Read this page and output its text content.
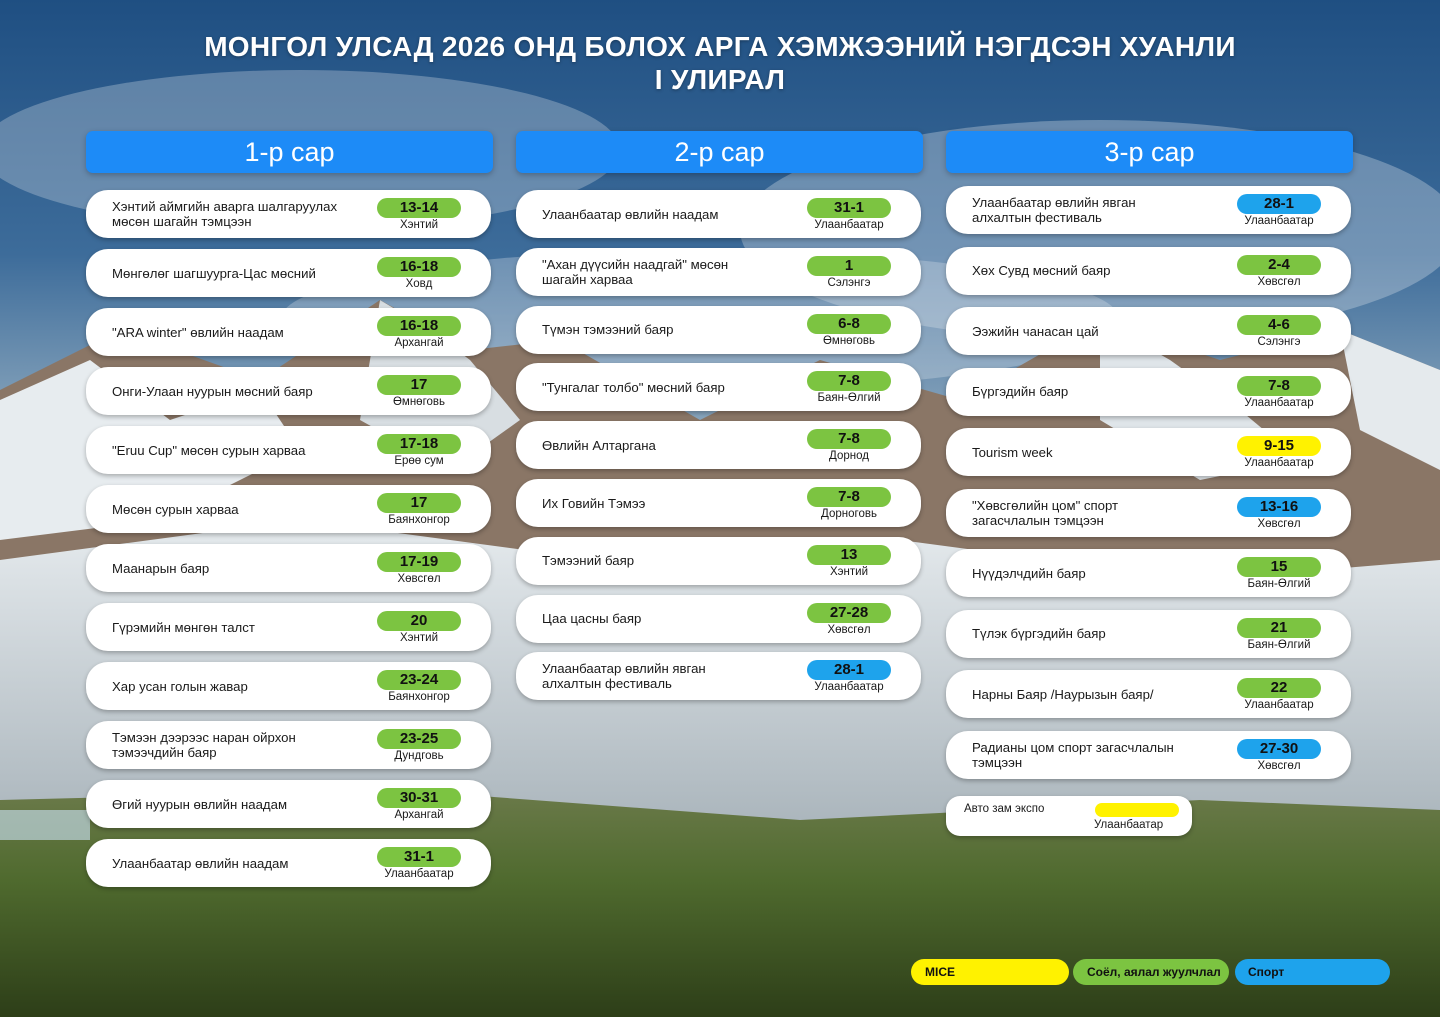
МОНГОЛ УЛСАД 2026 ОНД БОЛОХ АРГА ХЭМЖЭЭНИЙ НЭГДСЭН ХУАНЛИ
I УЛИРАЛ
1-р сар
Хэнтий аймгийн аварга шалгаруулах
мөсөн шагайн тэмцээн
13-14
Хэнтий
Мөнгөлөг шагшуурга-Цас мөсний	16-18
Ховд
"ARA winter" өвлийн наадам	16-18
Архангай
Онги-Улаан нуурын мөсний баяр	17
Өмнөговь
"Eruu Cup" мөсөн сурын харваа	17-18
Ерөө сум
Мөсөн сурын харваа	17
Баянхонгор
Маанарын баяр	17-19
Хөвсгөл
Гүрэмийн мөнгөн талст	20
Хэнтий
Хар усан голын жавар	23-24
Баянхонгор
Тэмээн дээрээс наран ойрхон
тэмээчдийн баяр
23-25
Дундговь
Өгий нуурын өвлийн наадам	30-31
Архангай
Улаанбаатар өвлийн наадам	31-1
Улаанбаатар
2-р сар
Улаанбаатар өвлийн наадам	31-1
Улаанбаатар
"Ахан дүүсийн наадгай" мөсөн
шагайн харваа
1
Сэлэнгэ
Түмэн тэмээний баяр	6-8
Өмнөговь
"Тунгалаг толбо" мөсний баяр	7-8
Баян-Өлгий
Өвлийн Алтаргана	7-8
Дорнод
Их Говийн Тэмээ	7-8
Дорноговь
Тэмээний баяр	13
Хэнтий
Цаа цасны баяр	27-28
Хөвсгөл
Улаанбаатар өвлийн явган
алхалтын фестиваль
28-1
Улаанбаатар
3-р сар
Улаанбаатар өвлийн явган
алхалтын фестиваль
28-1
Улаанбаатар
Хөх Сувд мөсний баяр	2-4
Хөвсгөл
Ээжийн чанасан цай	4-6
Сэлэнгэ
Бүргэдийн баяр	7-8
Улаанбаатар
Tourism week	9-15
Улаанбаатар
"Хөвсгөлийн цом" спорт
загасчлалын тэмцээн
13-16
Хөвсгөл
Нүүдэлчдийн баяр	15
Баян-Өлгий
Түлэк бүргэдийн баяр	21
Баян-Өлгий
Нарны Баяр /Наурызын баяр/	22
Улаанбаатар
Радианы цом спорт загасчлалын
тэмцээн
27-30
Хөвсгөл
Авто зам экспо
Улаанбаатар
MICE	Соёл, аялал жуулчлал Спорт
